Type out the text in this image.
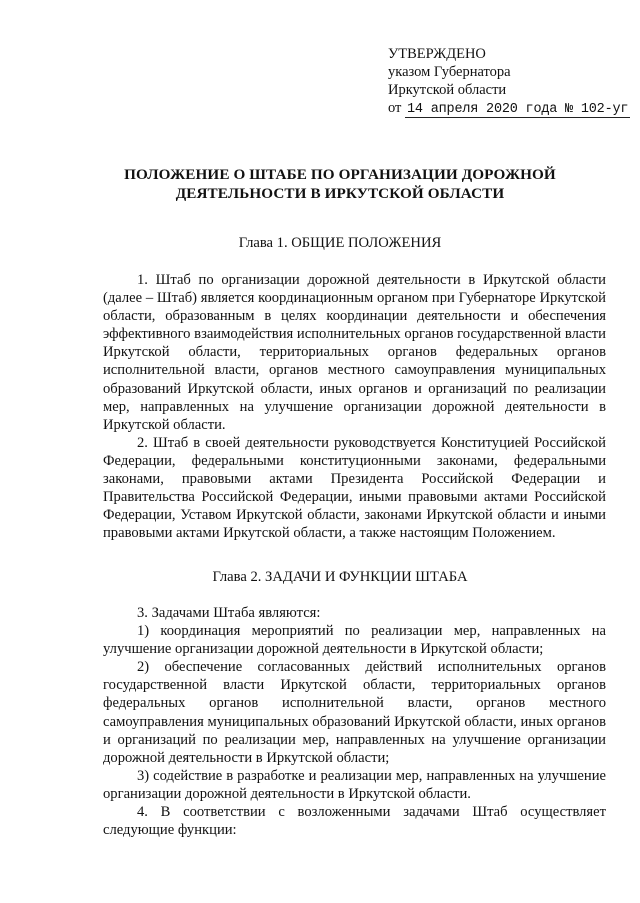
УТВЕРЖДЕНО
указом Губернатора
Иркутской области
от 14 апреля 2020 года № 102-уг
ПОЛОЖЕНИЕ О ШТАБЕ ПО ОРГАНИЗАЦИИ ДОРОЖНОЙ
ДЕЯТЕЛЬНОСТИ В ИРКУТСКОЙ ОБЛАСТИ
Глава 1. ОБЩИЕ ПОЛОЖЕНИЯ

1. Штаб по организации дорожной деятельности в Иркутской области (далее – Штаб) является координационным органом при Губернаторе Иркутской области, образованным в целях координации деятельности и обеспечения эффективного взаимодействия исполнительных органов государственной власти Иркутской области, территориальных органов федеральных органов исполнительной власти, органов местного самоуправления муниципальных образований Иркутской области, иных органов и организаций по реализации мер, направленных на улучшение организации дорожной деятельности в Иркутской области.

2. Штаб в своей деятельности руководствуется Конституцией Российской Федерации, федеральными конституционными законами, федеральными законами, правовыми актами Президента Российской Федерации и Правительства Российской Федерации, иными правовыми актами Российской Федерации, Уставом Иркутской области, законами Иркутской области и иными правовыми актами Иркутской области, а также настоящим Положением.

Глава 2. ЗАДАЧИ И ФУНКЦИИ ШТАБА

3. Задачами Штаба являются:

1) координация мероприятий по реализации мер, направленных на улучшение организации дорожной деятельности в Иркутской области;

2) обеспечение согласованных действий исполнительных органов государственной власти Иркутской области, территориальных органов федеральных органов исполнительной власти, органов местного самоуправления муниципальных образований Иркутской области, иных органов и организаций по реализации мер, направленных на улучшение организации дорожной деятельности в Иркутской области;

3) содействие в разработке и реализации мер, направленных на улучшение организации дорожной деятельности в Иркутской области.

4. В соответствии с возложенными задачами Штаб осуществляет следующие функции:
